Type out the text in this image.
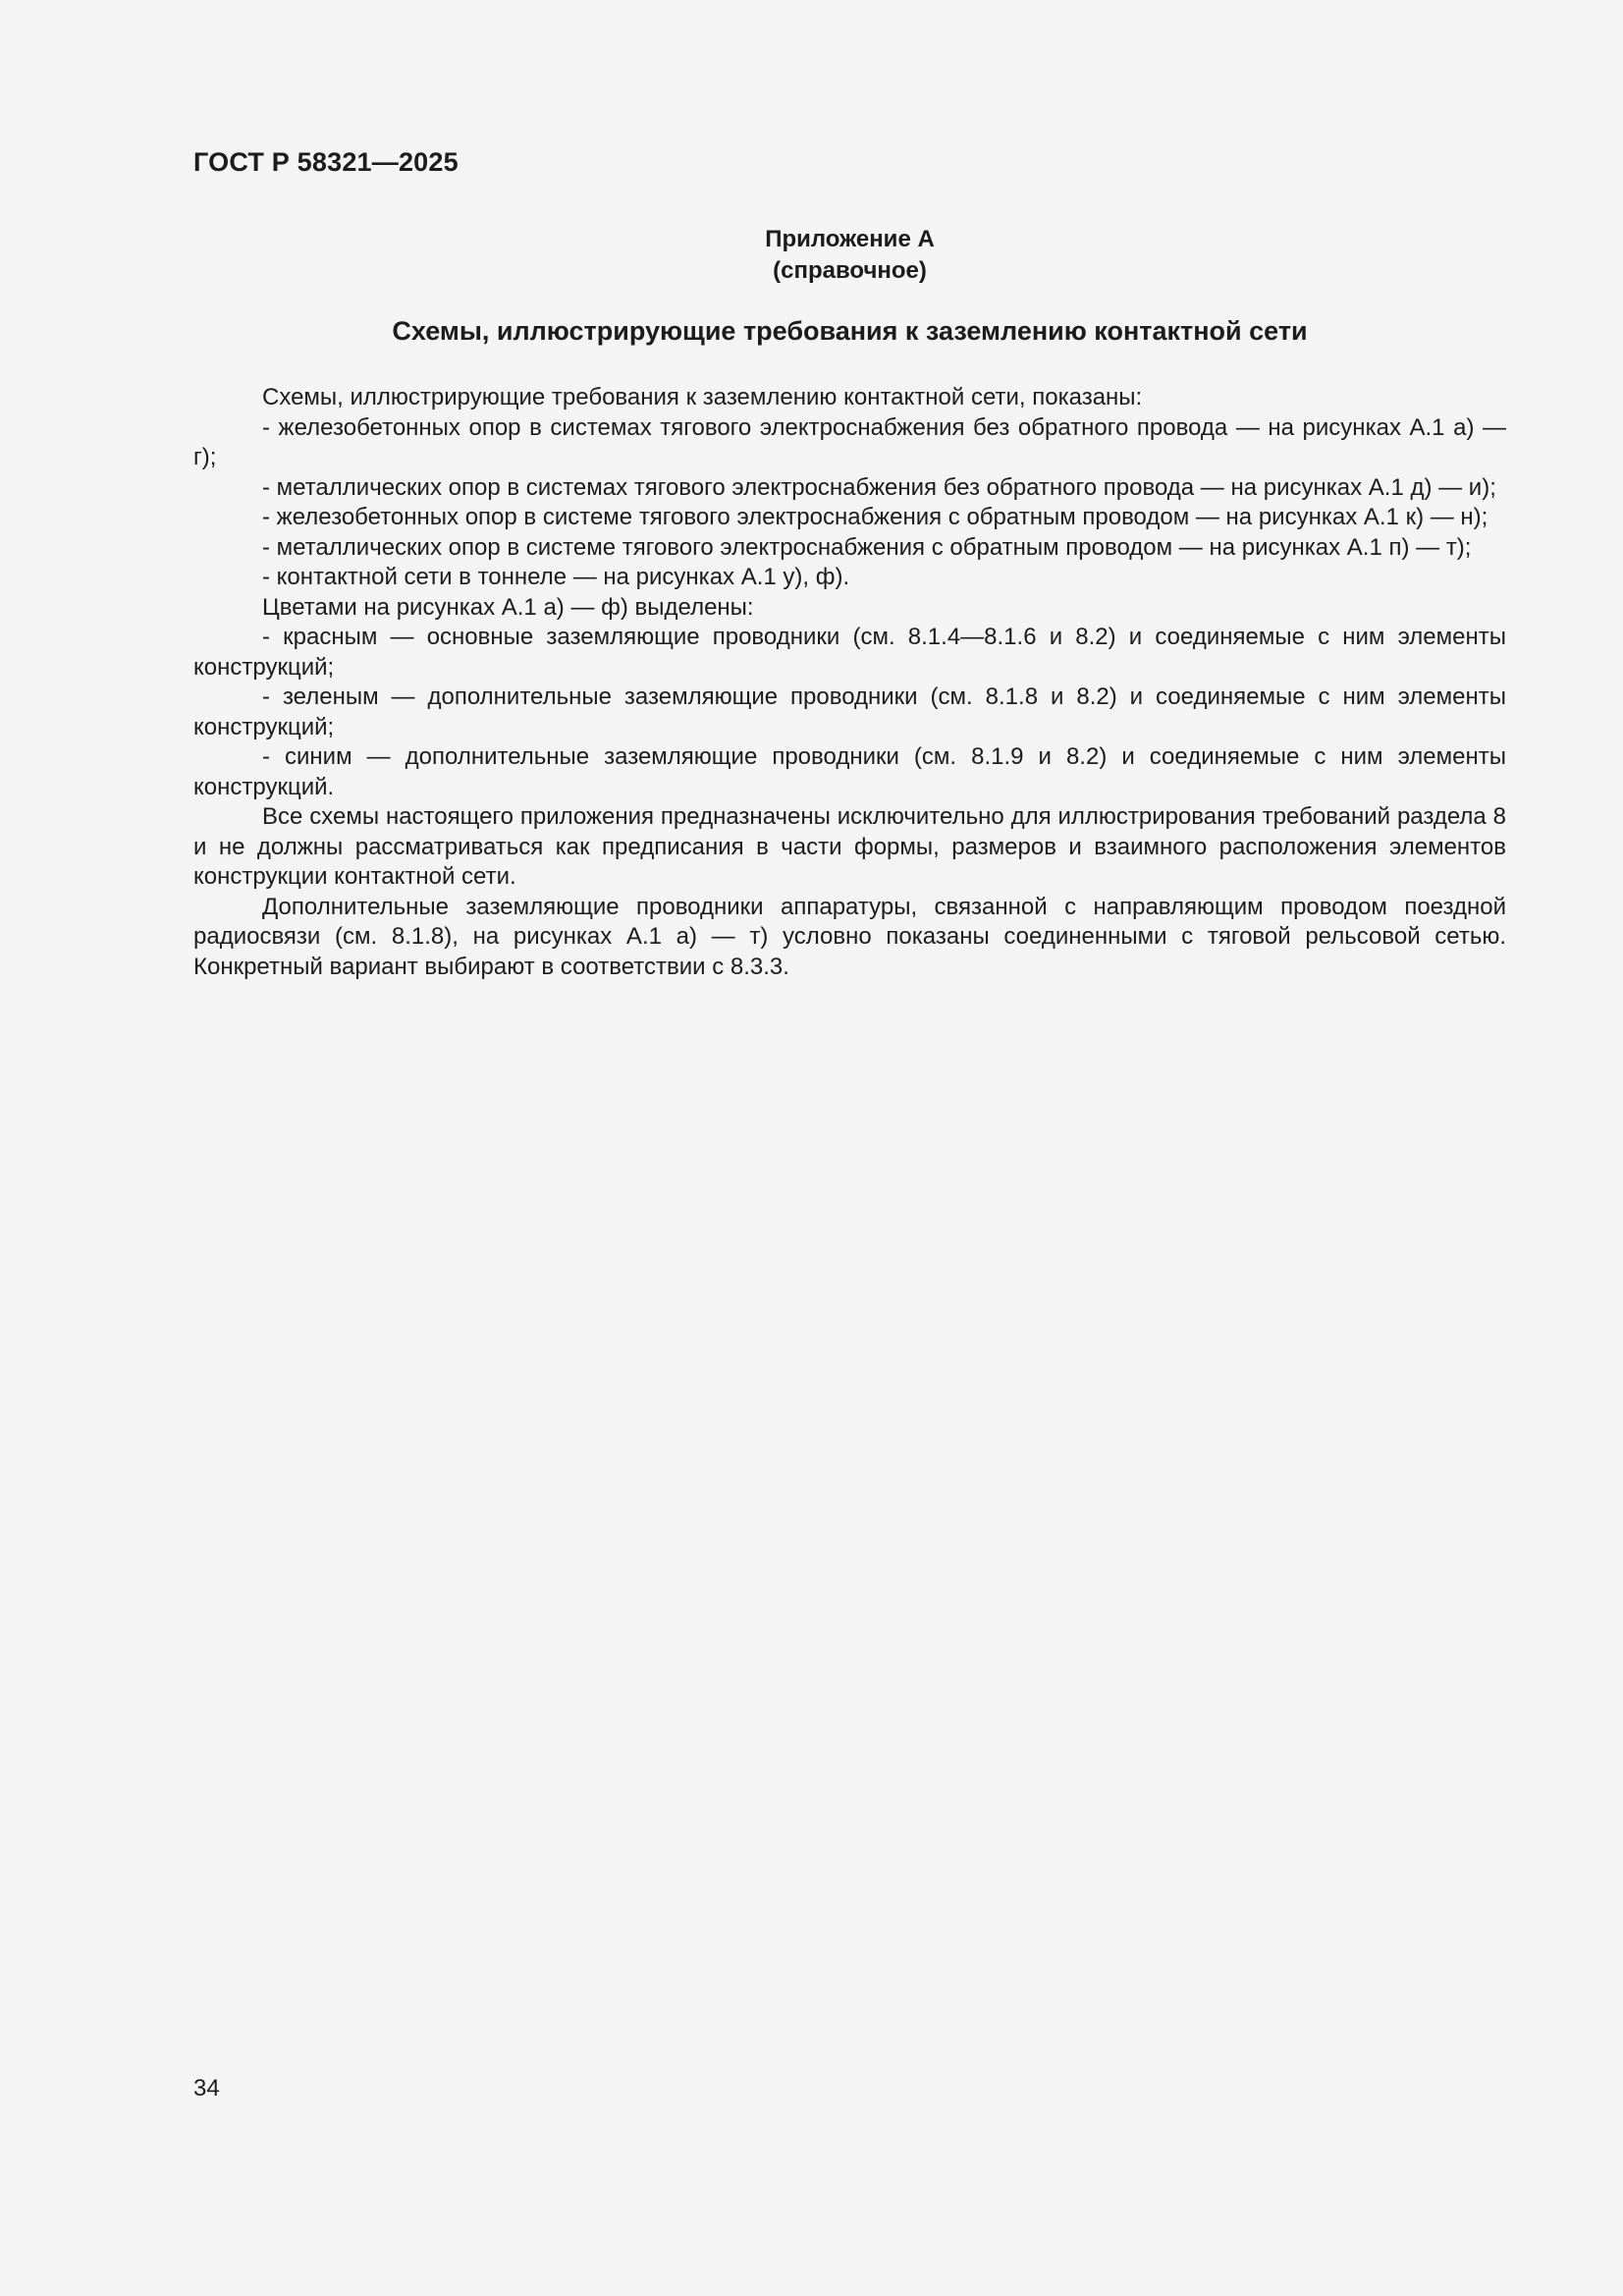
ГОСТ Р 58321—2025
Приложение А
(справочное)
Схемы, иллюстрирующие требования к заземлению контактной сети

Схемы, иллюстрирующие требования к заземлению контактной сети, показаны:

- железобетонных опор в системах тягового электроснабжения без обратного провода — на рисунках А.1 а) — г);

- металлических опор в системах тягового электроснабжения без обратного провода — на рисунках А.1 д) — и);

- железобетонных опор в системе тягового электроснабжения с обратным проводом — на рисунках А.1 к) — н);

- металлических опор в системе тягового электроснабжения с обратным проводом — на рисунках А.1 п) — т);

- контактной сети в тоннеле — на рисунках А.1 у), ф).

Цветами на рисунках А.1 а) — ф) выделены:

- красным — основные заземляющие проводники (см. 8.1.4—8.1.6 и 8.2) и соединяемые с ним элементы конструкций;

- зеленым — дополнительные заземляющие проводники (см. 8.1.8 и 8.2) и соединяемые с ним элементы конструкций;

- синим — дополнительные заземляющие проводники (см. 8.1.9 и 8.2) и соединяемые с ним элементы конструкций.

Все схемы настоящего приложения предназначены исключительно для иллюстрирования требований раздела 8 и не должны рассматриваться как предписания в части формы, размеров и взаимного расположения элементов конструкции контактной сети.

Дополнительные заземляющие проводники аппаратуры, связанной с направляющим проводом поездной радиосвязи (см. 8.1.8), на рисунках А.1 а) — т) условно показаны соединенными с тяговой рельсовой сетью. Конкретный вариант выбирают в соответствии с 8.3.3.

34
